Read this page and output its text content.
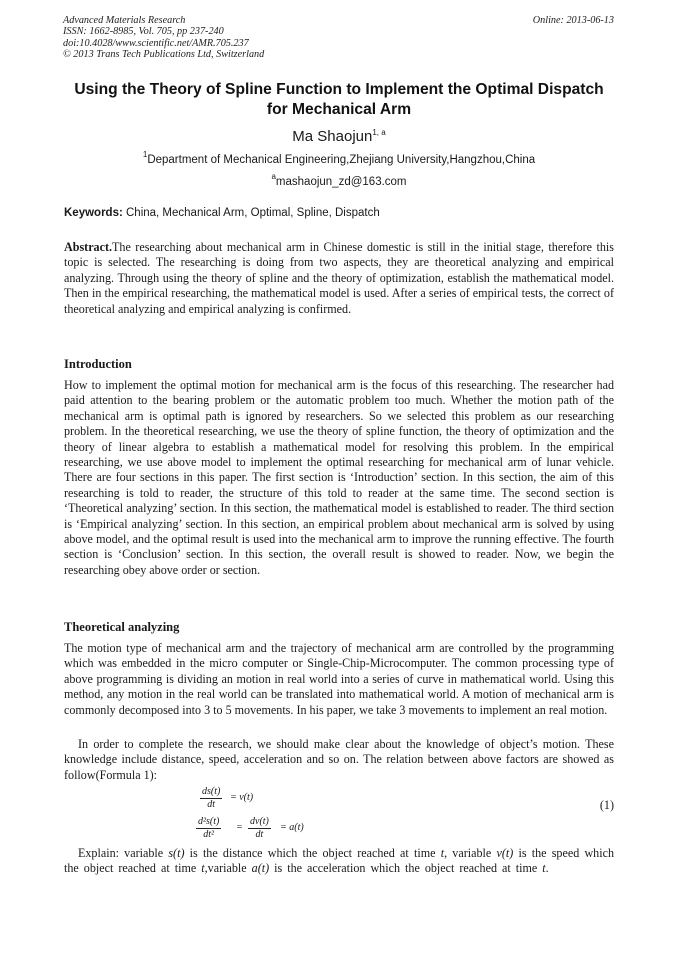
Advanced Materials Research
ISSN: 1662-8985, Vol. 705, pp 237-240
doi:10.4028/www.scientific.net/AMR.705.237
© 2013 Trans Tech Publications Ltd, Switzerland
Online: 2013-06-13
Using the Theory of Spline Function to Implement the Optimal Dispatch
for Mechanical Arm
Ma Shaojun$^{1, a}$
$^1$Department of Mechanical Engineering,Zhejiang University,Hangzhou,China
$^a$mashaojun_zd@163.com
Keywords: China, Mechanical Arm, Optimal, Spline, Dispatch
Abstract.The researching about mechanical arm in Chinese domestic is still in the initial stage, therefore this topic is selected. The researching is doing from two aspects, they are theoretical analyzing and empirical analyzing. Through using the theory of spline and the theory of optimization, establish the mathematical model. Then in the empirical researching, the mathematical model is used. After a series of empirical tests, the correct of theoretical analyzing and empirical analyzing is confirmed.
Introduction
How to implement the optimal motion for mechanical arm is the focus of this researching. The researcher had paid attention to the bearing problem or the automatic problem too much. Whether the motion path of the mechanical arm is optimal path is ignored by researchers. So we selected this problem as our researching problem. In the theoretical researching, we use the theory of spline function, the theory of optimization and the theory of linear algebra to establish a mathematical model for resolving this problem. In the empirical researching, we use above model to implement the optimal researching for mechanical arm of lunar vehicle. There are four sections in this paper. The first section is ‘Introduction’ section. In this section, the aim of this researching is told to reader, the structure of this told to reader at the same time. The second section is ‘Theoretical analyzing’ section. In this section, the mathematical model is established to reader. The third section is ‘Empirical analyzing’ section. In this section, an empirical problem about mechanical arm is solved by using above model, and the optimal result is used into the mechanical arm to improve the running effective. The fourth section is ‘Conclusion’ section. In this section, the overall result is showed to reader. Now, we begin the researching obey above order or section.
Theoretical analyzing
The motion type of mechanical arm and the trajectory of mechanical arm are controlled by the programming which was embedded in the micro computer or Single-Chip-Microcomputer. The common processing type of above programming is dividing an motion in real world into a series of curve in mathematical world. Using this method, any motion in the real world can be translated into mathematical world. A motion of mechanical arm is commonly decomposed into 3 to 5 movements. In his paper, we take 3 movements to implement an real motion.
In order to complete the research, we should make clear about the knowledge of object’s motion. These knowledge include distance, speed, acceleration and so on. The relation between above factors are showed as follow(Formula 1):
$\frac{ds(t)}{dt} = v(t)$
$\frac{\text{d²s(t)}}{\text{dt²}} = \frac{dv(t)}{dt} = a(t)$
(1)
Explain: variable s(t) is the distance which the object reached at time t, variable v(t) is the speed which the object reached at time t,variable a(t) is the acceleration which the object reached at time t.
